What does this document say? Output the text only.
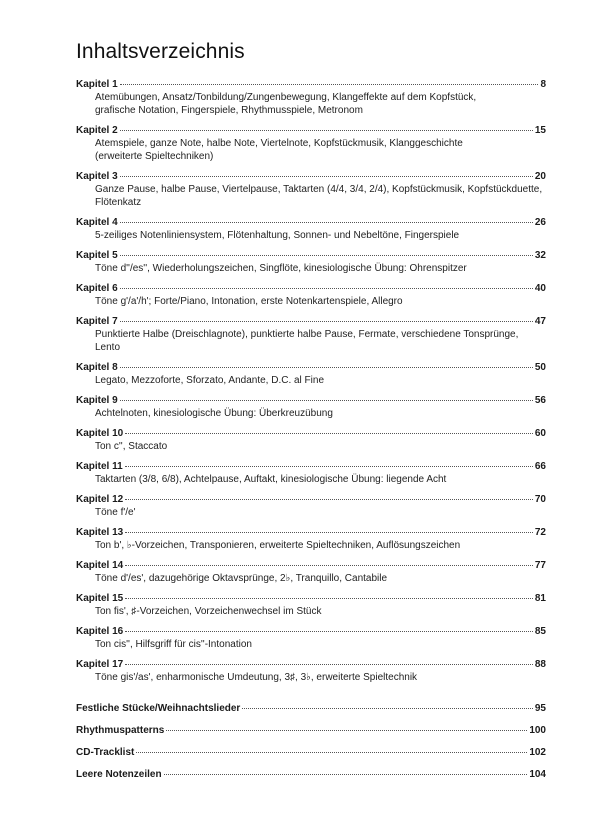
Inhaltsverzeichnis
Kapitel 1	8
Atemübungen, Ansatz/Tonbildung/Zungenbewegung, Klangeffekte auf dem Kopfstück,
grafische Notation, Fingerspiele, Rhythmusspiele, Metronom
Kapitel 2	15
Atemspiele, ganze Note, halbe Note, Viertelnote, Kopfstückmusik, Klanggeschichte
(erweiterte Spieltechniken)
Kapitel 3	20
Ganze Pause, halbe Pause, Viertelpause, Taktarten (4/4, 3/4, 2/4), Kopfstückmusik, Kopfstückduette,
Flötenkatz
Kapitel 4	26
5-zeiliges Notenliniensystem, Flötenhaltung, Sonnen- und Nebeltöne, Fingerspiele
Kapitel 5	32
Töne d''/es'', Wiederholungszeichen, Singflöte, kinesiologische Übung: Ohrenspitzer
Kapitel 6	40
Töne g'/a'/h'; Forte/Piano, Intonation, erste Notenkartenspiele, Allegro
Kapitel 7	47
Punktierte Halbe (Dreischlagnote), punktierte halbe Pause, Fermate, verschiedene Tonsprünge, Lento
Kapitel 8	50
Legato, Mezzoforte, Sforzato, Andante, D.C. al Fine
Kapitel 9	56
Achtelnoten, kinesiologische Übung: Überkreuzübung
Kapitel 10	60
Ton c'', Staccato
Kapitel 11	66
Taktarten (3/8, 6/8), Achtelpause, Auftakt, kinesiologische Übung: liegende Acht
Kapitel 12	70
Töne f'/e'
Kapitel 13	72
Ton b', ♭-Vorzeichen, Transponieren, erweiterte Spieltechniken, Auflösungszeichen
Kapitel 14	77
Töne d'/es', dazugehörige Oktavsprünge, 2♭, Tranquillo, Cantabile
Kapitel 15	81
Ton fis', ♯-Vorzeichen, Vorzeichenwechsel im Stück
Kapitel 16	85
Ton cis'', Hilfsgriff für cis''-Intonation
Kapitel 17	88
Töne gis'/as', enharmonische Umdeutung, 3♯, 3♭, erweiterte Spieltechnik
Festliche Stücke/Weihnachtslieder	95
Rhythmuspatterns	100
CD-Tracklist	102
Leere Notenzeilen	104
